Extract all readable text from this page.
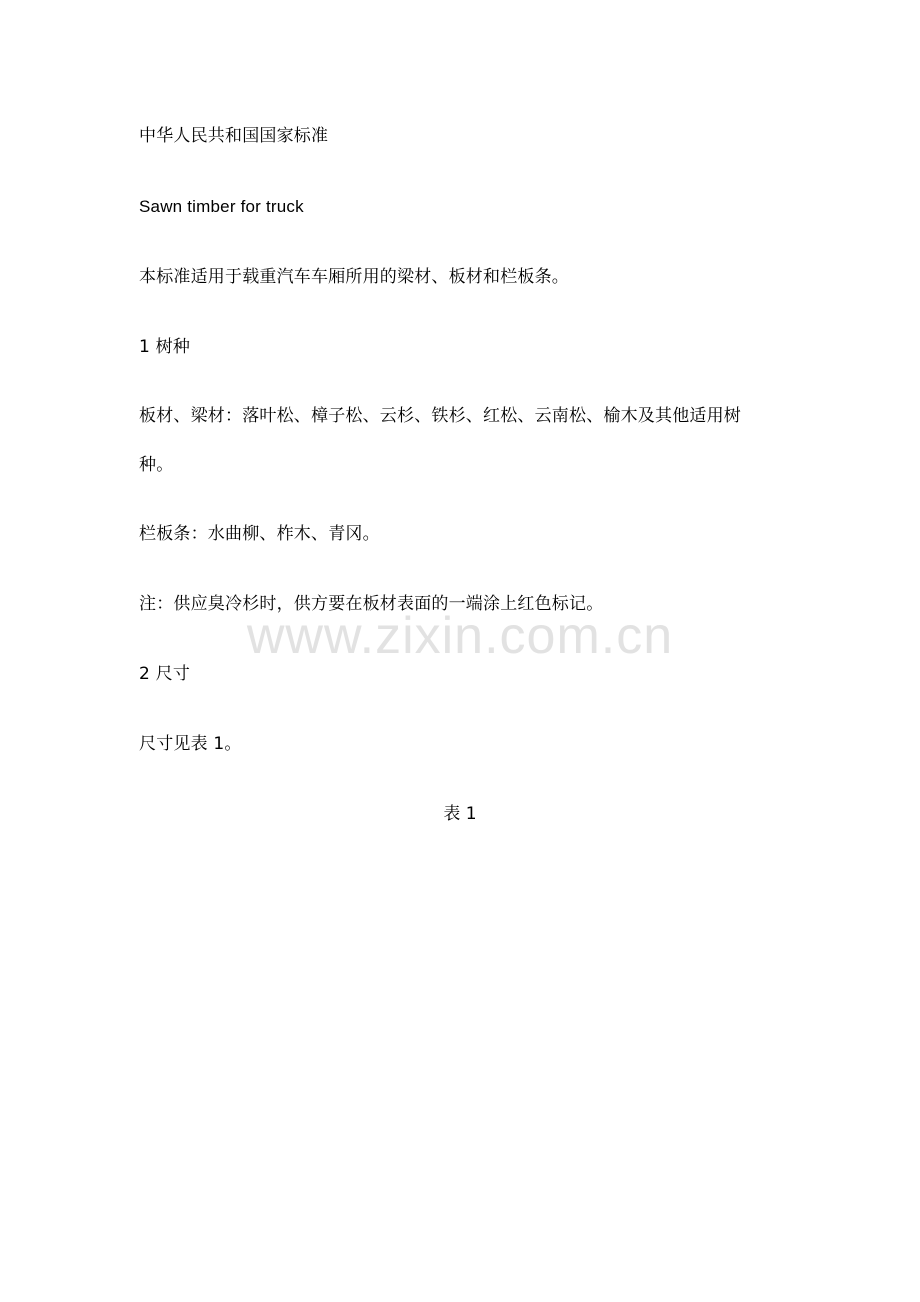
www.zixin.com.cn
中华人民共和国国家标准
Sawn timber for truck
本标准适用于载重汽车车厢所用的梁材、板材和栏板条。
1 树种
板材、梁材：落叶松、樟子松、云杉、铁杉、红松、云南松、榆木及其他适用树
种。
栏板条：水曲柳、柞木、青冈。
注：供应臭冷杉时，供方要在板材表面的一端涂上红色标记。
2 尺寸
尺寸见表 1。
表 1
